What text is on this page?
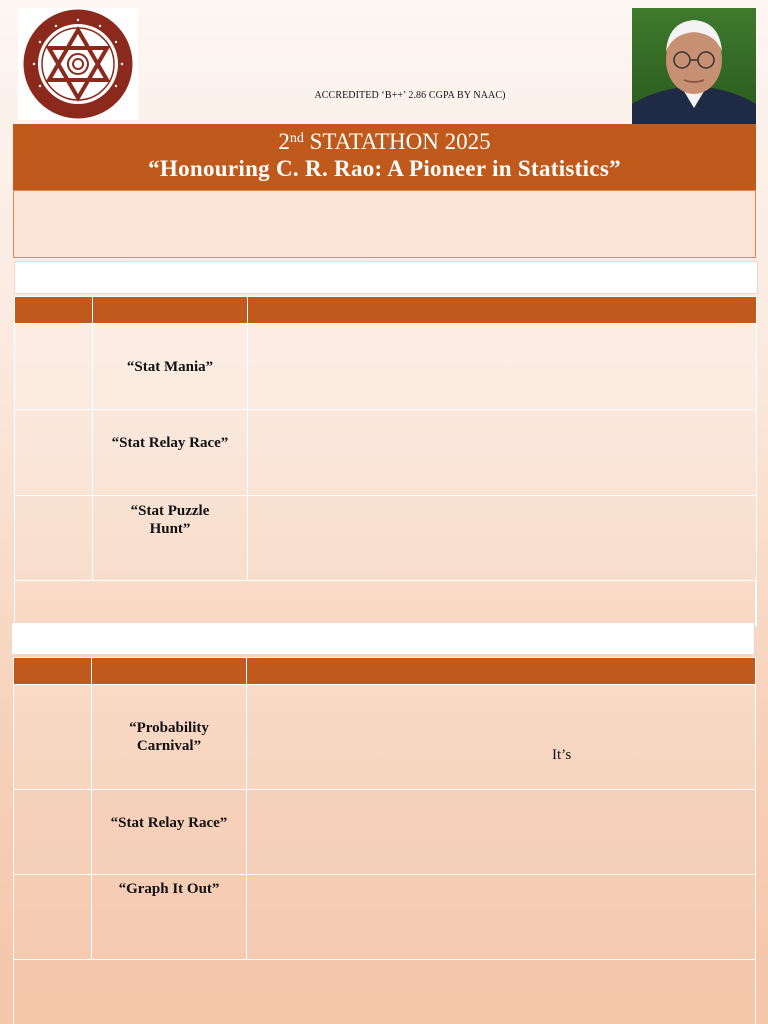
ACCREDITED ‘B++’ 2.86 CGPA BY NAAC)
2nd STATATHON 2025
“Honouring C. R. Rao: A Pioneer in Statistics”

	“Stat Mania”	

	“Stat Relay Race”	

	“Stat Puzzle Hunt”	

	“Probability Carnival”	It’s

	“Stat Relay Race”	

	“Graph It Out”	
